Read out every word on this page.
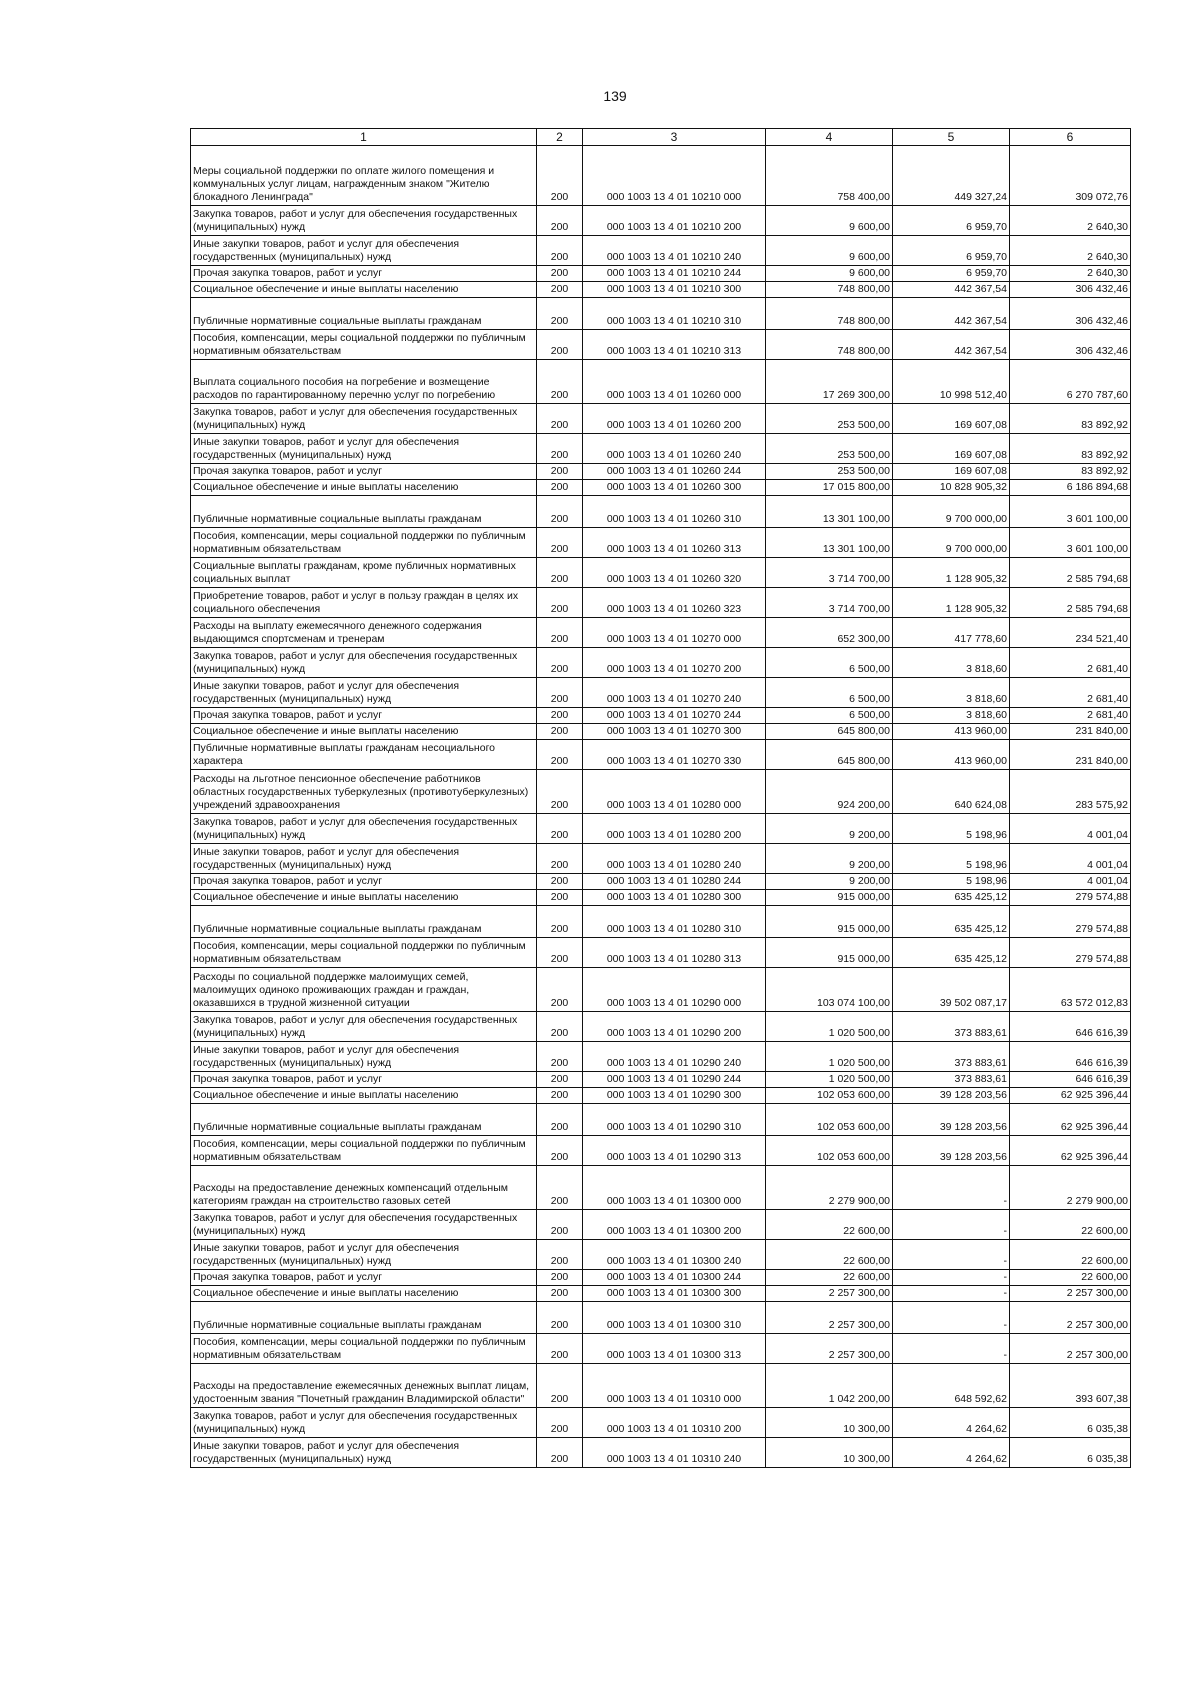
139
1	2	3	4	5	6
Меры социальной поддержки по оплате жилого помещения и коммунальных услуг лицам, награжденным знаком "Жителю блокадного Ленинграда"	200	000 1003 13 4 01 10210 000	758 400,00	449 327,24	309 072,76
Закупка товаров, работ и услуг для обеспечения государственных (муниципальных) нужд	200	000 1003 13 4 01 10210 200	9 600,00	6 959,70	2 640,30
Иные закупки товаров, работ и услуг для обеспечения государственных (муниципальных) нужд	200	000 1003 13 4 01 10210 240	9 600,00	6 959,70	2 640,30
Прочая закупка товаров, работ и услуг	200	000 1003 13 4 01 10210 244	9 600,00	6 959,70	2 640,30
Социальное обеспечение и иные выплаты населению	200	000 1003 13 4 01 10210 300	748 800,00	442 367,54	306 432,46
Публичные нормативные социальные выплаты гражданам	200	000 1003 13 4 01 10210 310	748 800,00	442 367,54	306 432,46
Пособия, компенсации, меры социальной поддержки по публичным нормативным обязательствам	200	000 1003 13 4 01 10210 313	748 800,00	442 367,54	306 432,46
Выплата социального пособия на погребение и возмещение расходов по гарантированному перечню услуг по погребению	200	000 1003 13 4 01 10260 000	17 269 300,00	10 998 512,40	6 270 787,60
Закупка товаров, работ и услуг для обеспечения государственных (муниципальных) нужд	200	000 1003 13 4 01 10260 200	253 500,00	169 607,08	83 892,92
Иные закупки товаров, работ и услуг для обеспечения государственных (муниципальных) нужд	200	000 1003 13 4 01 10260 240	253 500,00	169 607,08	83 892,92
Прочая закупка товаров, работ и услуг	200	000 1003 13 4 01 10260 244	253 500,00	169 607,08	83 892,92
Социальное обеспечение и иные выплаты населению	200	000 1003 13 4 01 10260 300	17 015 800,00	10 828 905,32	6 186 894,68
Публичные нормативные социальные выплаты гражданам	200	000 1003 13 4 01 10260 310	13 301 100,00	9 700 000,00	3 601 100,00
Пособия, компенсации, меры социальной поддержки по публичным нормативным обязательствам	200	000 1003 13 4 01 10260 313	13 301 100,00	9 700 000,00	3 601 100,00
Социальные выплаты гражданам, кроме публичных нормативных социальных выплат	200	000 1003 13 4 01 10260 320	3 714 700,00	1 128 905,32	2 585 794,68
Приобретение товаров, работ и услуг в пользу граждан в целях их социального обеспечения	200	000 1003 13 4 01 10260 323	3 714 700,00	1 128 905,32	2 585 794,68
Расходы на выплату ежемесячного денежного содержания выдающимся спортсменам и тренерам	200	000 1003 13 4 01 10270 000	652 300,00	417 778,60	234 521,40
Закупка товаров, работ и услуг для обеспечения государственных (муниципальных) нужд	200	000 1003 13 4 01 10270 200	6 500,00	3 818,60	2 681,40
Иные закупки товаров, работ и услуг для обеспечения государственных (муниципальных) нужд	200	000 1003 13 4 01 10270 240	6 500,00	3 818,60	2 681,40
Прочая закупка товаров, работ и услуг	200	000 1003 13 4 01 10270 244	6 500,00	3 818,60	2 681,40
Социальное обеспечение и иные выплаты населению	200	000 1003 13 4 01 10270 300	645 800,00	413 960,00	231 840,00
Публичные нормативные выплаты гражданам несоциального характера	200	000 1003 13 4 01 10270 330	645 800,00	413 960,00	231 840,00
Расходы на льготное пенсионное обеспечение работников областных государственных туберкулезных (противотуберкулезных) учреждений здравоохранения	200	000 1003 13 4 01 10280 000	924 200,00	640 624,08	283 575,92
Закупка товаров, работ и услуг для обеспечения государственных (муниципальных) нужд	200	000 1003 13 4 01 10280 200	9 200,00	5 198,96	4 001,04
Иные закупки товаров, работ и услуг для обеспечения государственных (муниципальных) нужд	200	000 1003 13 4 01 10280 240	9 200,00	5 198,96	4 001,04
Прочая закупка товаров, работ и услуг	200	000 1003 13 4 01 10280 244	9 200,00	5 198,96	4 001,04
Социальное обеспечение и иные выплаты населению	200	000 1003 13 4 01 10280 300	915 000,00	635 425,12	279 574,88
Публичные нормативные социальные выплаты гражданам	200	000 1003 13 4 01 10280 310	915 000,00	635 425,12	279 574,88
Пособия, компенсации, меры социальной поддержки по публичным нормативным обязательствам	200	000 1003 13 4 01 10280 313	915 000,00	635 425,12	279 574,88
Расходы по социальной поддержке малоимущих семей, малоимущих одиноко проживающих граждан и граждан, оказавшихся в трудной жизненной ситуации	200	000 1003 13 4 01 10290 000	103 074 100,00	39 502 087,17	63 572 012,83
Закупка товаров, работ и услуг для обеспечения государственных (муниципальных) нужд	200	000 1003 13 4 01 10290 200	1 020 500,00	373 883,61	646 616,39
Иные закупки товаров, работ и услуг для обеспечения государственных (муниципальных) нужд	200	000 1003 13 4 01 10290 240	1 020 500,00	373 883,61	646 616,39
Прочая закупка товаров, работ и услуг	200	000 1003 13 4 01 10290 244	1 020 500,00	373 883,61	646 616,39
Социальное обеспечение и иные выплаты населению	200	000 1003 13 4 01 10290 300	102 053 600,00	39 128 203,56	62 925 396,44
Публичные нормативные социальные выплаты гражданам	200	000 1003 13 4 01 10290 310	102 053 600,00	39 128 203,56	62 925 396,44
Пособия, компенсации, меры социальной поддержки по публичным нормативным обязательствам	200	000 1003 13 4 01 10290 313	102 053 600,00	39 128 203,56	62 925 396,44
Расходы на предоставление денежных компенсаций отдельным категориям граждан на строительство газовых сетей	200	000 1003 13 4 01 10300 000	2 279 900,00	-	2 279 900,00
Закупка товаров, работ и услуг для обеспечения государственных (муниципальных) нужд	200	000 1003 13 4 01 10300 200	22 600,00	-	22 600,00
Иные закупки товаров, работ и услуг для обеспечения государственных (муниципальных) нужд	200	000 1003 13 4 01 10300 240	22 600,00	-	22 600,00
Прочая закупка товаров, работ и услуг	200	000 1003 13 4 01 10300 244	22 600,00	-	22 600,00
Социальное обеспечение и иные выплаты населению	200	000 1003 13 4 01 10300 300	2 257 300,00	-	2 257 300,00
Публичные нормативные социальные выплаты гражданам	200	000 1003 13 4 01 10300 310	2 257 300,00	-	2 257 300,00
Пособия, компенсации, меры социальной поддержки по публичным нормативным обязательствам	200	000 1003 13 4 01 10300 313	2 257 300,00	-	2 257 300,00
Расходы на предоставление ежемесячных денежных выплат лицам, удостоенным звания "Почетный гражданин Владимирской области"	200	000 1003 13 4 01 10310 000	1 042 200,00	648 592,62	393 607,38
Закупка товаров, работ и услуг для обеспечения государственных (муниципальных) нужд	200	000 1003 13 4 01 10310 200	10 300,00	4 264,62	6 035,38
Иные закупки товаров, работ и услуг для обеспечения государственных (муниципальных) нужд	200	000 1003 13 4 01 10310 240	10 300,00	4 264,62	6 035,38
